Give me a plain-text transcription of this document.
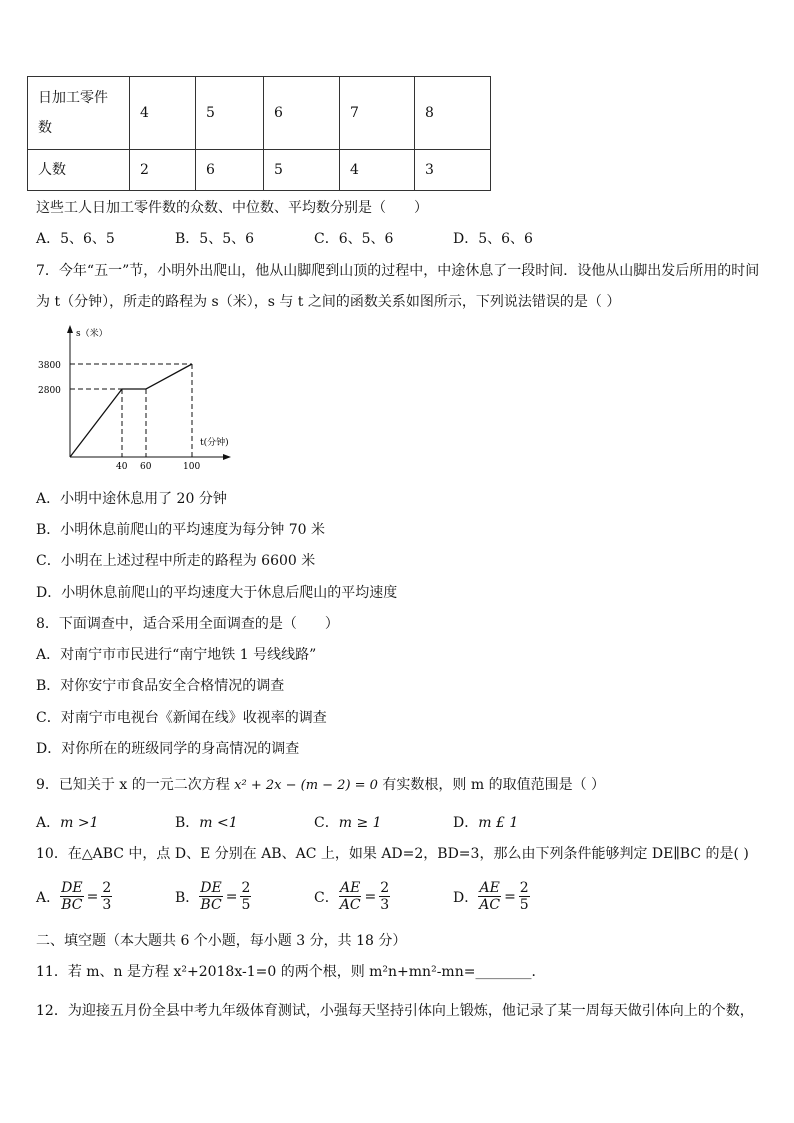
日加工零件数	4	5	6	7	8
人数	2	6	5	4	3
这些工人日加工零件数的众数、中位数、平均数分别是（　　）
A．5、6、5	B．5、5、6	C．6、5、6	D．5、6、6
7．今年“五一”节，小明外出爬山，他从山脚爬到山顶的过程中，中途休息了一段时间．设他从山脚出发后所用的时间
为 t（分钟），所走的路程为 s（米），s 与 t 之间的函数关系如图所示，下列说法错误的是（ ）
s（米）
3800
2800
t(分钟)
40 60	100
A．小明中途休息用了 20 分钟
B．小明休息前爬山的平均速度为每分钟 70 米
C．小明在上述过程中所走的路程为 6600 米
D．小明休息前爬山的平均速度大于休息后爬山的平均速度
8．下面调查中，适合采用全面调查的是（　　）
A．对南宁市市民进行“南宁地铁 1 号线线路”
B．对你安宁市食品安全合格情况的调查
C．对南宁市电视台《新闻在线》收视率的调查
D．对你所在的班级同学的身高情况的调查
9．已知关于 x 的一元二次方程 x² + 2x − (m − 2) = 0 有实数根，则 m 的取值范围是（ ）
A．m >1	B．m <1	C．m ≥ 1	D．m £ 1
10．在△ABC 中，点 D、E 分别在 AB、AC 上，如果 AD=2，BD=3，那么由下列条件能够判定 DE∥BC 的是( )
A． $\frac{DE}{BC} = \frac{2}{3}$	B． $\frac{DE}{BC} = \frac{2}{5}$	C． $\frac{AE}{AC} = \frac{2}{3}$	D． $\frac{AE}{AC} = \frac{2}{5}$
二、填空题（本大题共 6 个小题，每小题 3 分，共 18 分）
11．若 m、n 是方程 x²+2018x-1=0 的两个根，则 m²n+mn²-mn=________．
12．为迎接五月份全县中考九年级体育测试，小强每天坚持引体向上锻炼，他记录了某一周每天做引体向上的个数，
